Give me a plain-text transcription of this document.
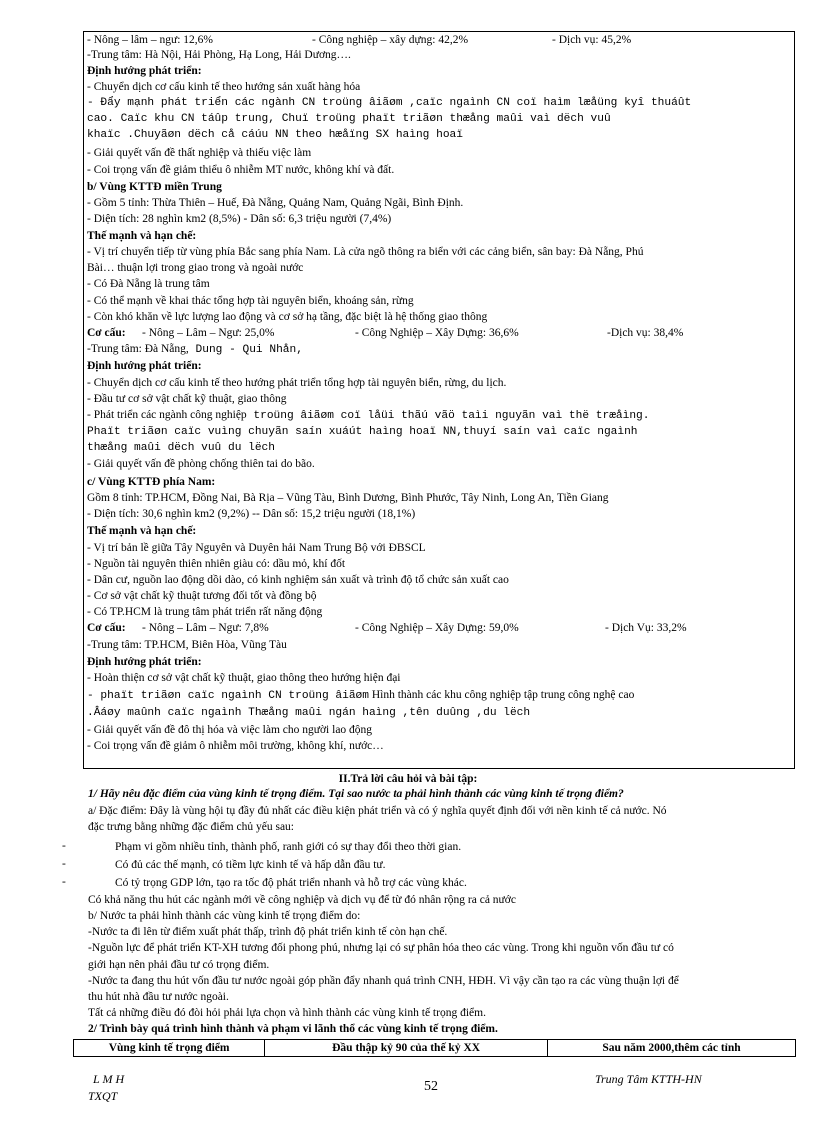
- Nông – lâm – ngư: 12,6%	- Công nghiệp – xây dựng: 42,2%	- Dịch vụ: 45,2%
-Trung tâm: Hà Nội, Hải Phòng, Hạ Long, Hải Dương….
Định hướng phát triển:
- Chuyển dịch cơ cấu kinh tế theo hướng sản xuất hàng hóa
- Đẩy mạnh phát triển các ngành CN troüng âiãøm ,caïc ngaình CN coï haìm læåüng kyî thuáût
cao. Caïc khu CN táûp trung, Chuï troüng phaït triãøn thæång maûi vaì dëch vuû
khaïc .Chuyãøn dëch cå cáúu NN theo hæåïng SX haìng hoaï
- Giải quyết vấn đề thất nghiệp và thiếu việc làm
- Coi trọng vấn đề giảm thiểu ô nhiễm MT nước, không khí và đất.
b/ Vùng KTTĐ miền Trung
- Gồm 5 tỉnh: Thừa Thiên – Huế, Đà Nẵng, Quảng Nam, Quảng Ngãi, Bình Định.
- Diện tích: 28 nghìn km2 (8,5%) - Dân số: 6,3 triệu người (7,4%)
Thế mạnh và hạn chế:
- Vị trí chuyển tiếp từ vùng phía Bắc sang phía Nam. Là cửa ngõ thông ra biển với các cảng biển, sân bay: Đà Nẵng, Phú
Bài… thuận lợi trong giao trong và ngoài nước
- Có Đà Nẵng là trung tâm
- Có thể mạnh về khai thác tổng hợp tài nguyên biển, khoáng sản, rừng
- Còn khó khăn về lực lượng lao động và cơ sở hạ tầng, đặc biệt là hệ thống giao thông
Cơ cấu: - Nông – Lâm – Ngư: 25,0%	- Công Nghiệp – Xây Dựng: 36,6%	-Dịch vụ: 38,4%
-Trung tâm: Đà Nẵng, Dung - Qui Nhån,
Định hướng phát triển:
- Chuyển dịch cơ cấu kinh tế theo hướng phát triển tổng hợp tài nguyên biển, rừng, du lịch.
- Đầu tư cơ sở vật chất kỹ thuật, giao thông
- Phát triển các ngành công nghiệp troüng âiãøm coï låüi thãú vãö taìi nguyãn vaì thë træåìng.
Phaït triãøn caïc vuìng chuyãn saín xuáút haìng hoaï NN,thuyí saín vaì caïc ngaình
thæång maûi dëch vuû du lëch
- Giải quyết vấn đề phòng chống thiên tai do bão.
c/ Vùng KTTĐ phía Nam:
Gồm 8 tỉnh: TP.HCM, Đồng Nai, Bà Rịa – Vũng Tàu, Bình Dương, Bình Phước, Tây Ninh, Long An, Tiền Giang
- Diện tích: 30,6 nghìn km2 (9,2%) -- Dân số: 15,2 triệu người (18,1%)
Thế mạnh và hạn chế:
- Vị trí bản lề giữa Tây Nguyên và Duyên hải Nam Trung Bộ với ĐBSCL
- Nguồn tài nguyên thiên nhiên giàu có: dầu mỏ, khí đốt
- Dân cư, nguồn lao động dồi dào, có kinh nghiệm sản xuất và trình độ tổ chức sản xuất cao
- Cơ sở vật chất kỹ thuật tương đối tốt và đồng bộ
- Có TP.HCM là trung tâm phát triển rất năng động
Cơ cấu: - Nông – Lâm – Ngư: 7,8%	- Công Nghiệp – Xây Dựng: 59,0%	- Dịch Vụ: 33,2%
-Trung tâm: TP.HCM, Biên Hòa, Vũng Tàu
Định hướng phát triển:
- Hoàn thiện cơ sở vật chất kỹ thuật, giao thông theo hướng hiện đại
- phaït triãøn caïc ngaình CN troüng âiãøm Hình thành các khu công nghiệp tập trung công nghệ cao
.Âáøy maûnh caïc ngaình Thæång maûi ngán haìng ,tên duûng ,du lëch
- Giải quyết vấn đề đô thị hóa và việc làm cho người lao động
- Coi trọng vấn đề giảm ô nhiễm môi trường, không khí, nước…
II.Trả lời câu hỏi và bài tập:
1/ Hãy nêu đặc điểm của vùng kinh tế trọng điểm. Tại sao nước ta phải hình thành các vùng kinh tế trọng điểm?
a/ Đặc điểm: Đây là vùng hội tụ đầy đủ nhất các điều kiện phát triển và có ý nghĩa quyết định đối với nền kinh tế cả nước. Nó
đặc trưng bằng những đặc điểm chủ yếu sau:
-	Phạm vi gồm nhiều tỉnh, thành phố, ranh giới có sự thay đổi theo thời gian.
-	Có đủ các thế mạnh, có tiềm lực kinh tế và hấp dẫn đầu tư.
-	Có tỷ trọng GDP lớn, tạo ra tốc độ phát triển nhanh và hỗ trợ các vùng khác.
Có khả năng thu hút các ngành mới về công nghiệp và dịch vụ để từ đó nhân rộng ra cả nước
b/ Nước ta phải hình thành các vùng kinh tế trọng điểm do:
-Nước ta đi lên từ điểm xuất phát thấp, trình độ phát triển kinh tế còn hạn chế.
-Nguồn lực để phát triển KT-XH tương đối phong phú, nhưng lại có sự phân hóa theo các vùng. Trong khi nguồn vốn đầu tư có
giới hạn nên phải đầu tư có trọng điểm.
-Nước ta đang thu hút vốn đầu tư nước ngoài góp phần đẩy nhanh quá trình CNH, HĐH. Vì vậy cần tạo ra các vùng thuận lợi để
thu hút nhà đầu tư nước ngoài.
Tất cả những điều đó đòi hỏi phải lựa chọn và hình thành các vùng kinh tế trọng điểm.
2/ Trình bày quá trình hình thành và phạm vi lãnh thổ các vùng kinh tế trọng điểm.
Vùng kinh tế trọng điểm	Đầu thập kỷ 90 của thế kỷ XX	Sau năm 2000,thêm các tỉnh
L M H
TXQT
52	Trung Tâm KTTH-HN
